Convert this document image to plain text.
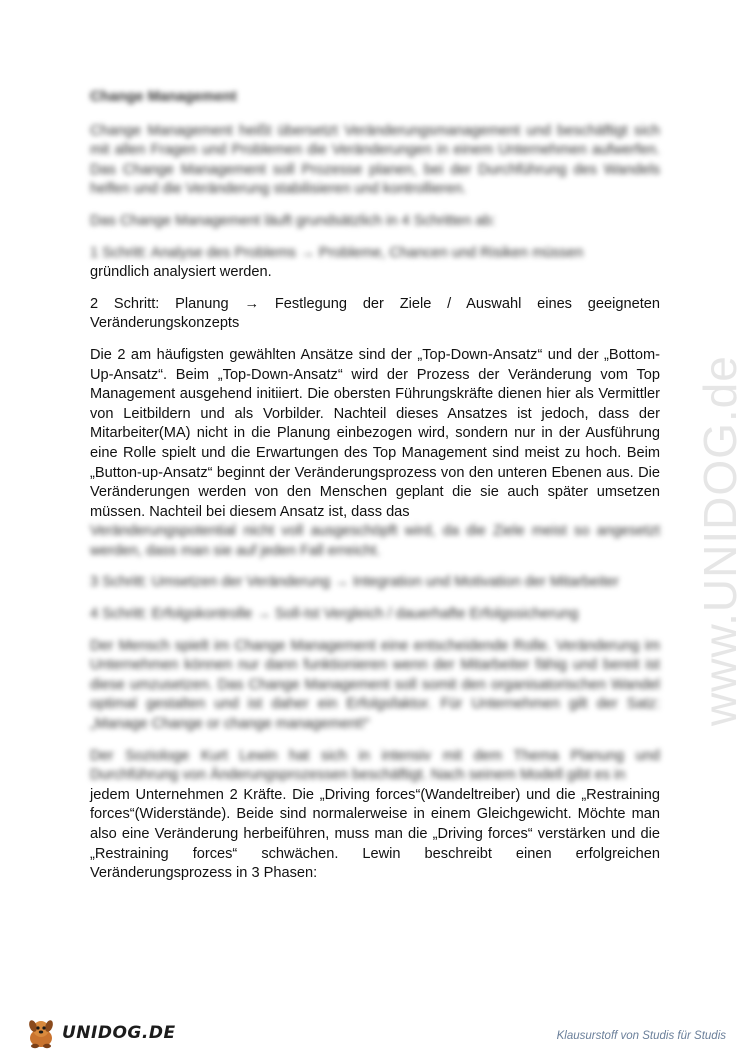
www.UNIDOG.de

Change Management

Change Management heißt übersetzt Veränderungsmanagement und beschäftigt sich mit allen Fragen und Problemen die Veränderungen in einem Unternehmen aufwerfen. Das Change Management soll Prozesse planen, bei der Durchführung des Wandels helfen und die Veränderung stabilisieren und kontrollieren.

Das Change Management läuft grundsätzlich in 4 Schritten ab:

1 Schritt: Analyse des Problems → Probleme, Chancen und Risiken müssen
gründlich analysiert werden.

2 Schritt: Planung → Festlegung der Ziele / Auswahl eines geeigneten Veränderungskonzepts

Die 2 am häufigsten gewählten Ansätze sind der „Top-Down-Ansatz“ und der „Bottom-Up-Ansatz“. Beim „Top-Down-Ansatz“ wird der Prozess der Veränderung vom Top Management ausgehend initiiert. Die obersten Führungskräfte dienen hier als Vermittler von Leitbildern und als Vorbilder. Nachteil dieses Ansatzes ist jedoch, dass der Mitarbeiter(MA) nicht in die Planung einbezogen wird, sondern nur in der Ausführung eine Rolle spielt und die Erwartungen des Top Management sind meist zu hoch. Beim „Button-up-Ansatz“ beginnt der Veränderungsprozess von den unteren Ebenen aus. Die Veränderungen werden von den Menschen geplant die sie auch später umsetzen müssen. Nachteil bei diesem Ansatz ist, dass das
Veränderungspotential nicht voll ausgeschöpft wird, da die Ziele meist so angesetzt werden, dass man sie auf jeden Fall erreicht.

3 Schritt: Umsetzen der Veränderung → Integration und Motivation der Mitarbeiter

4 Schritt: Erfolgskontrolle → Soll-Ist Vergleich / dauerhafte Erfolgssicherung

Der Mensch spielt im Change Management eine entscheidende Rolle. Veränderung im Unternehmen können nur dann funktionieren wenn der Mitarbeiter fähig und bereit ist diese umzusetzen. Das Change Management soll somit den organisatorischen Wandel optimal gestalten und ist daher ein Erfolgsfaktor. Für Unternehmen gilt der Satz: „Manage Change or change management!“

Der Soziologe Kurt Lewin hat sich in intensiv mit dem Thema Planung und Durchführung von Änderungsprozessen beschäftigt. Nach seinem Modell gibt es in
jedem Unternehmen 2 Kräfte. Die „Driving forces“(Wandeltreiber) und die „Restraining forces“(Widerstände). Beide sind normalerweise in einem Gleichgewicht. Möchte man also eine Veränderung herbeiführen, muss man die „Driving forces“ verstärken und die „Restraining forces“ schwächen. Lewin beschreibt einen erfolgreichen Veränderungsprozess in 3 Phasen:

UNIDOG.DE	Klausurstoff von Studis für Studis
